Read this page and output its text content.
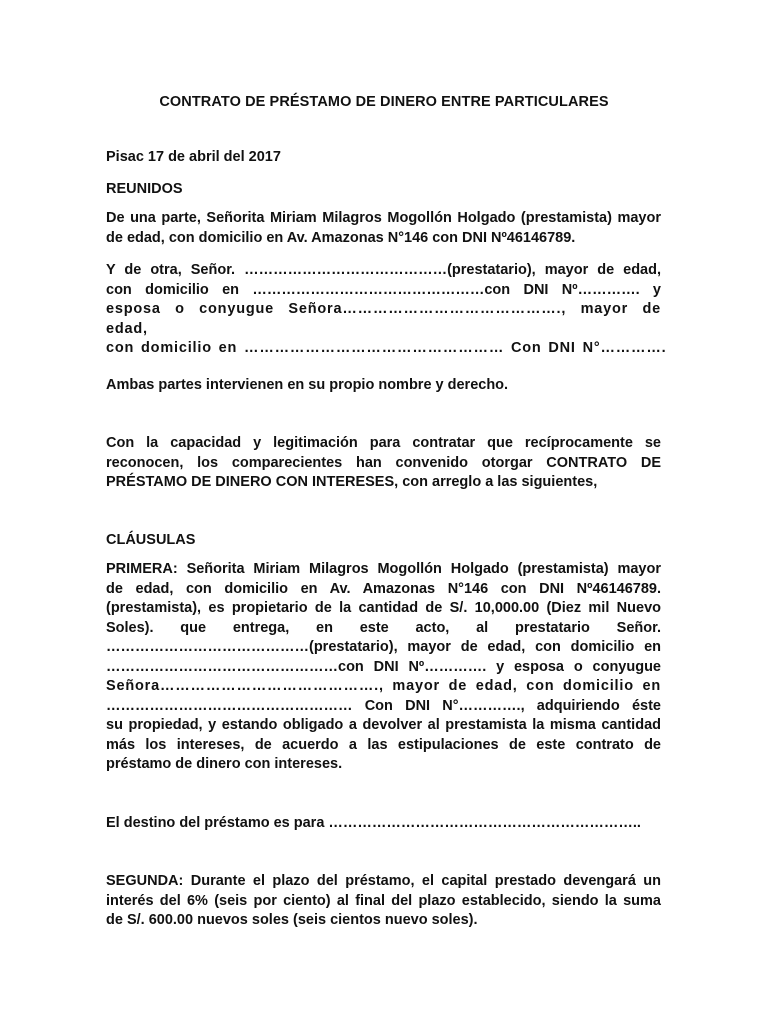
CONTRATO DE PRÉSTAMO DE DINERO ENTRE PARTICULARES

Pisac 17 de abril del 2017

REUNIDOS

De una parte, Señorita Miriam Milagros Mogollón Holgado (prestamista) mayor de edad, con domicilio en Av. Amazonas N°146 con DNI Nº46146789.

Y de otra, Señor. ……………………………………(prestatario), mayor de edad,
con domicilio en …………………………………………con DNI Nº…………. y
esposa o conyugue Señora……………………………………., mayor de edad,
con domicilio en …………………………………………… Con DNI N°………….

Ambas partes intervienen en su propio nombre y derecho.

Con la capacidad y legitimación para contratar que recíprocamente se reconocen, los comparecientes han convenido otorgar CONTRATO DE PRÉSTAMO DE DINERO CON INTERESES, con arreglo a las siguientes,

CLÁUSULAS

PRIMERA: Señorita Miriam Milagros Mogollón Holgado (prestamista) mayor
de edad, con domicilio en Av. Amazonas N°146 con DNI Nº46146789.
(prestamista), es propietario de la cantidad de S/. 10,000.00 (Diez mil Nuevo
Soles). que entrega, en este acto, al prestatario Señor.
……………………………………(prestatario), mayor de edad, con domicilio en
…………………………………………con DNI Nº…………. y esposa o conyugue
Señora……………………………………., mayor de edad, con domicilio en
…………………………………………… Con DNI N°…………., adquiriendo éste
su propiedad, y estando obligado a devolver al prestamista la misma cantidad
más los intereses, de acuerdo a las estipulaciones de este contrato de
préstamo de dinero con intereses.

El destino del préstamo es para ………………………………………………………..

SEGUNDA: Durante el plazo del préstamo, el capital prestado devengará un
interés del 6% (seis por ciento) al final del plazo establecido, siendo la suma
de S/. 600.00 nuevos soles (seis cientos nuevo soles).
